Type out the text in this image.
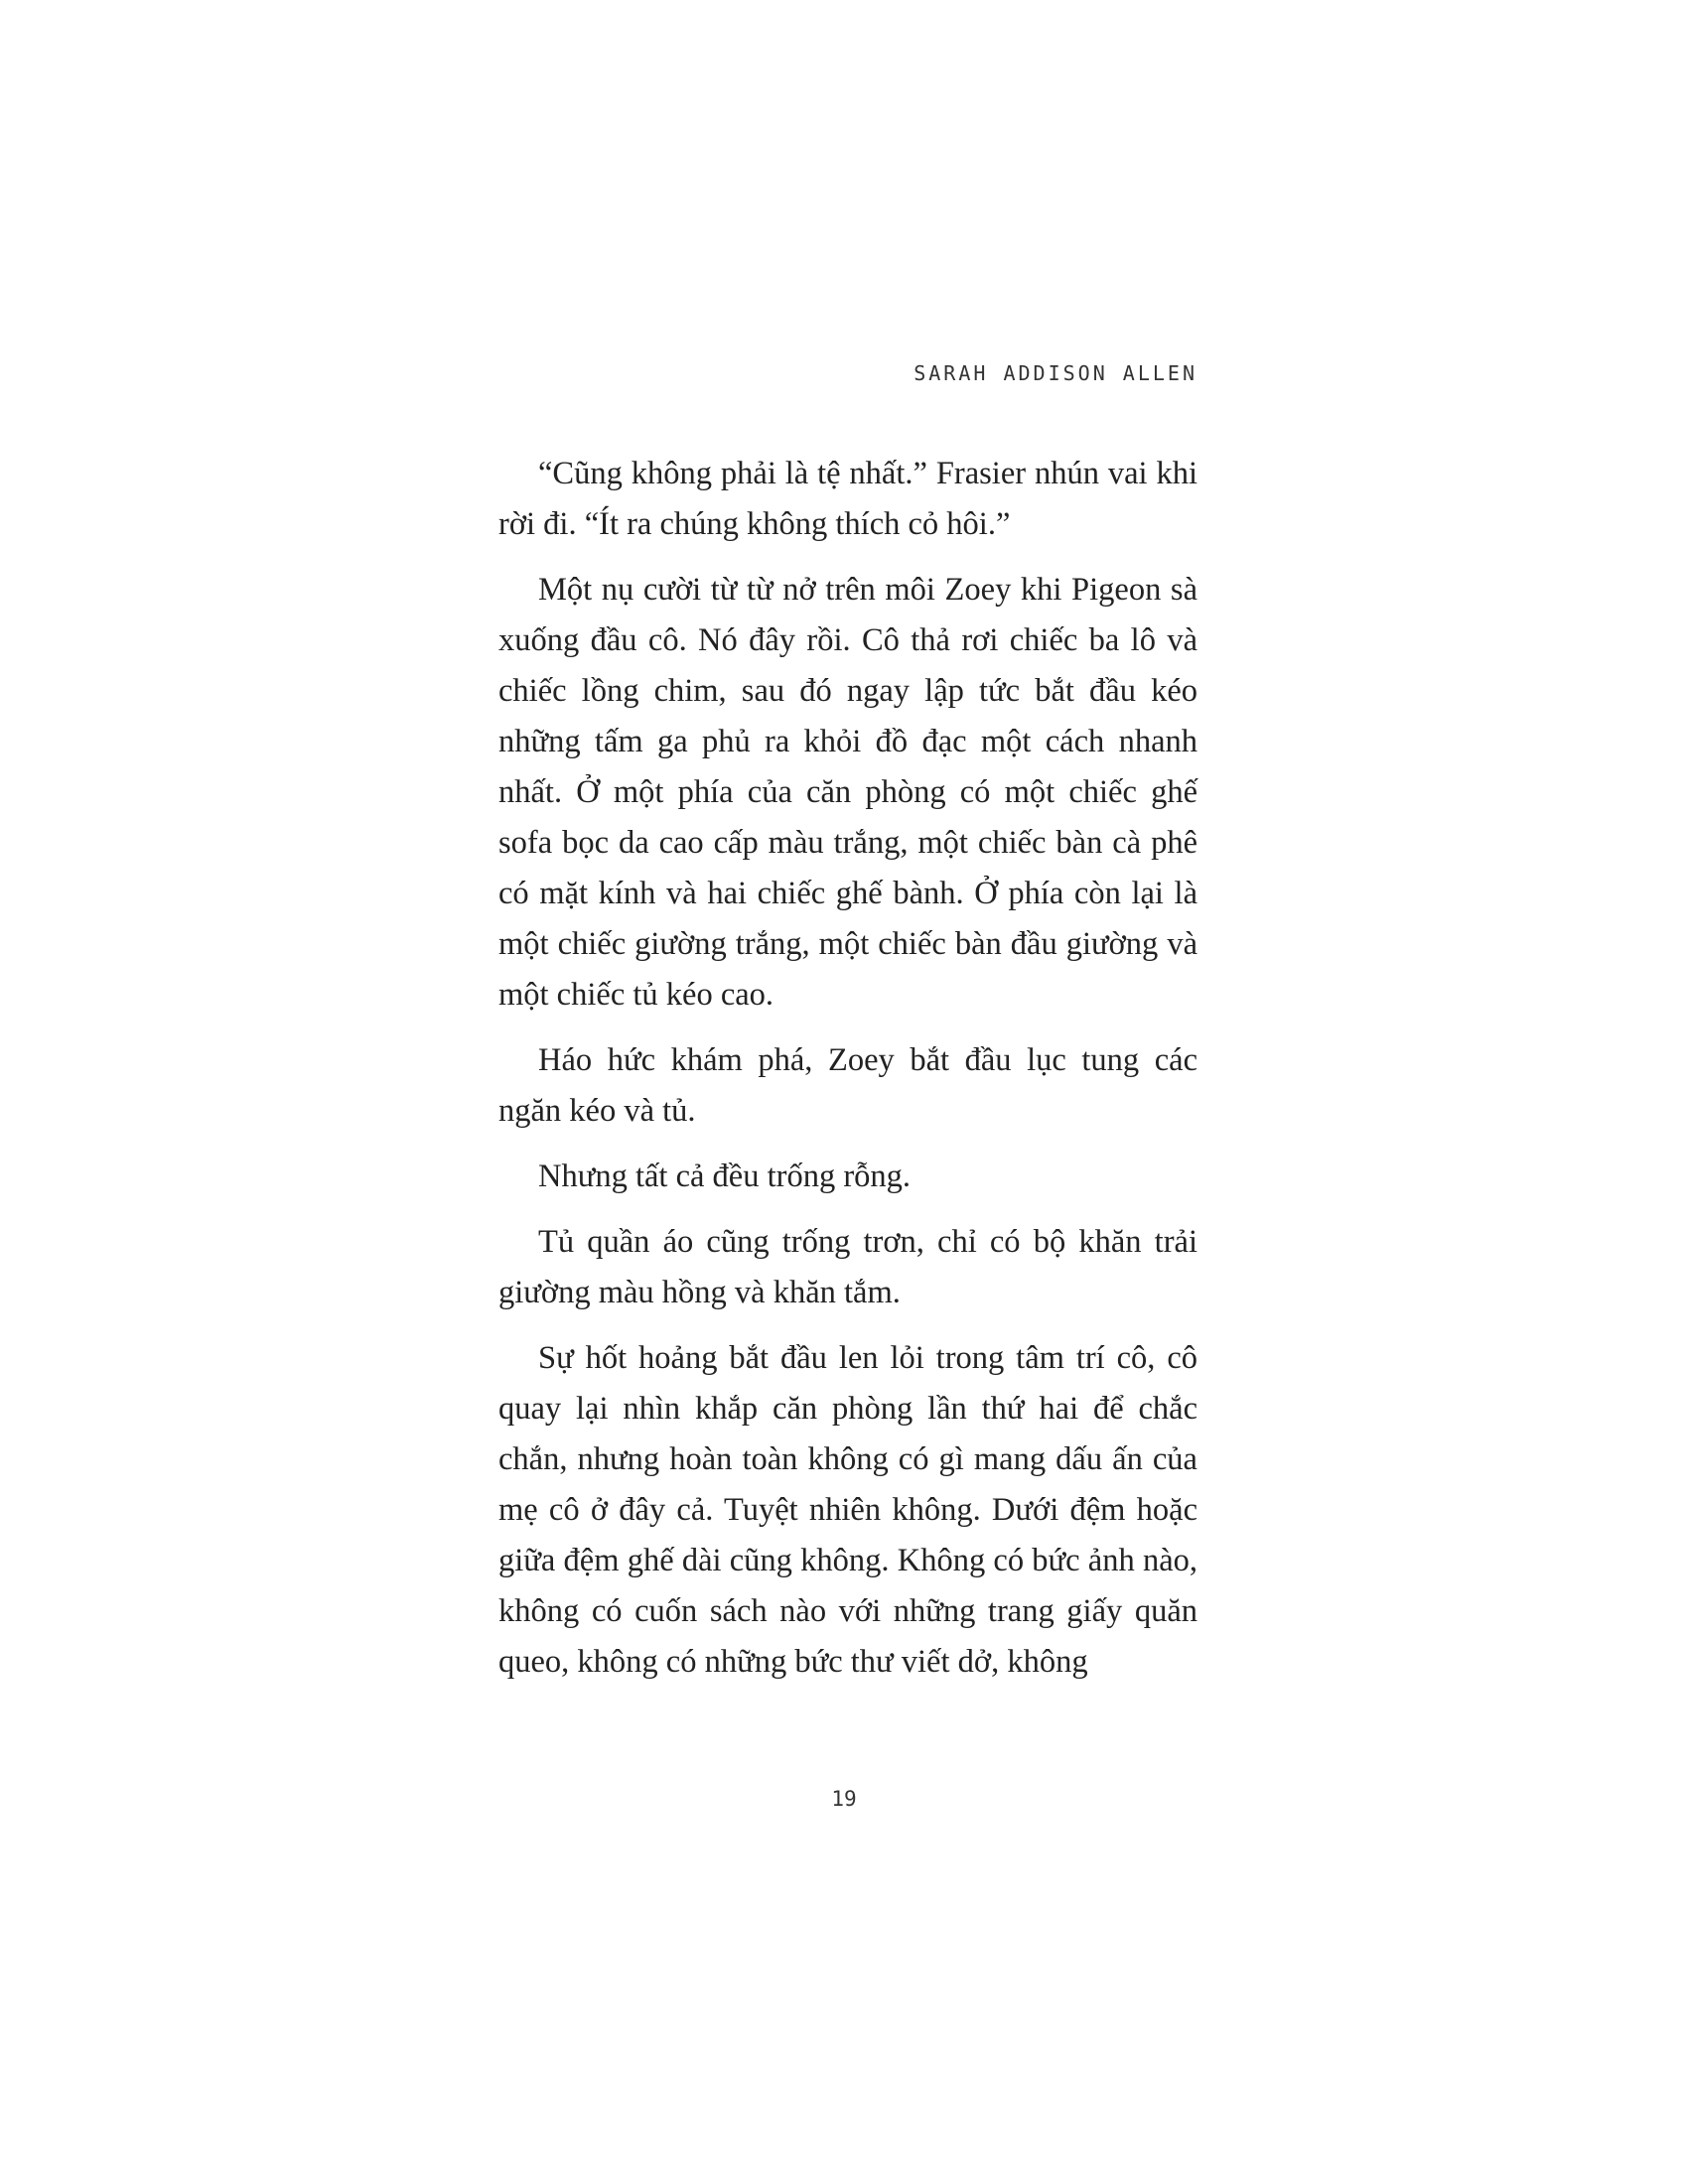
SARAH ADDISON ALLEN

“Cũng không phải là tệ nhất.” Frasier nhún vai khi rời đi. “Ít ra chúng không thích cỏ hôi.”

Một nụ cười từ từ nở trên môi Zoey khi Pigeon sà xuống đầu cô. Nó đây rồi. Cô thả rơi chiếc ba lô và chiếc lồng chim, sau đó ngay lập tức bắt đầu kéo những tấm ga phủ ra khỏi đồ đạc một cách nhanh nhất. Ở một phía của căn phòng có một chiếc ghế sofa bọc da cao cấp màu trắng, một chiếc bàn cà phê có mặt kính và hai chiếc ghế bành. Ở phía còn lại là một chiếc giường trắng, một chiếc bàn đầu giường và một chiếc tủ kéo cao.

Háo hức khám phá, Zoey bắt đầu lục tung các ngăn kéo và tủ.

Nhưng tất cả đều trống rỗng.

Tủ quần áo cũng trống trơn, chỉ có bộ khăn trải giường màu hồng và khăn tắm.

Sự hốt hoảng bắt đầu len lỏi trong tâm trí cô, cô quay lại nhìn khắp căn phòng lần thứ hai để chắc chắn, nhưng hoàn toàn không có gì mang dấu ấn của mẹ cô ở đây cả. Tuyệt nhiên không. Dưới đệm hoặc giữa đệm ghế dài cũng không. Không có bức ảnh nào, không có cuốn sách nào với những trang giấy quăn queo, không có những bức thư viết dở, không

19
